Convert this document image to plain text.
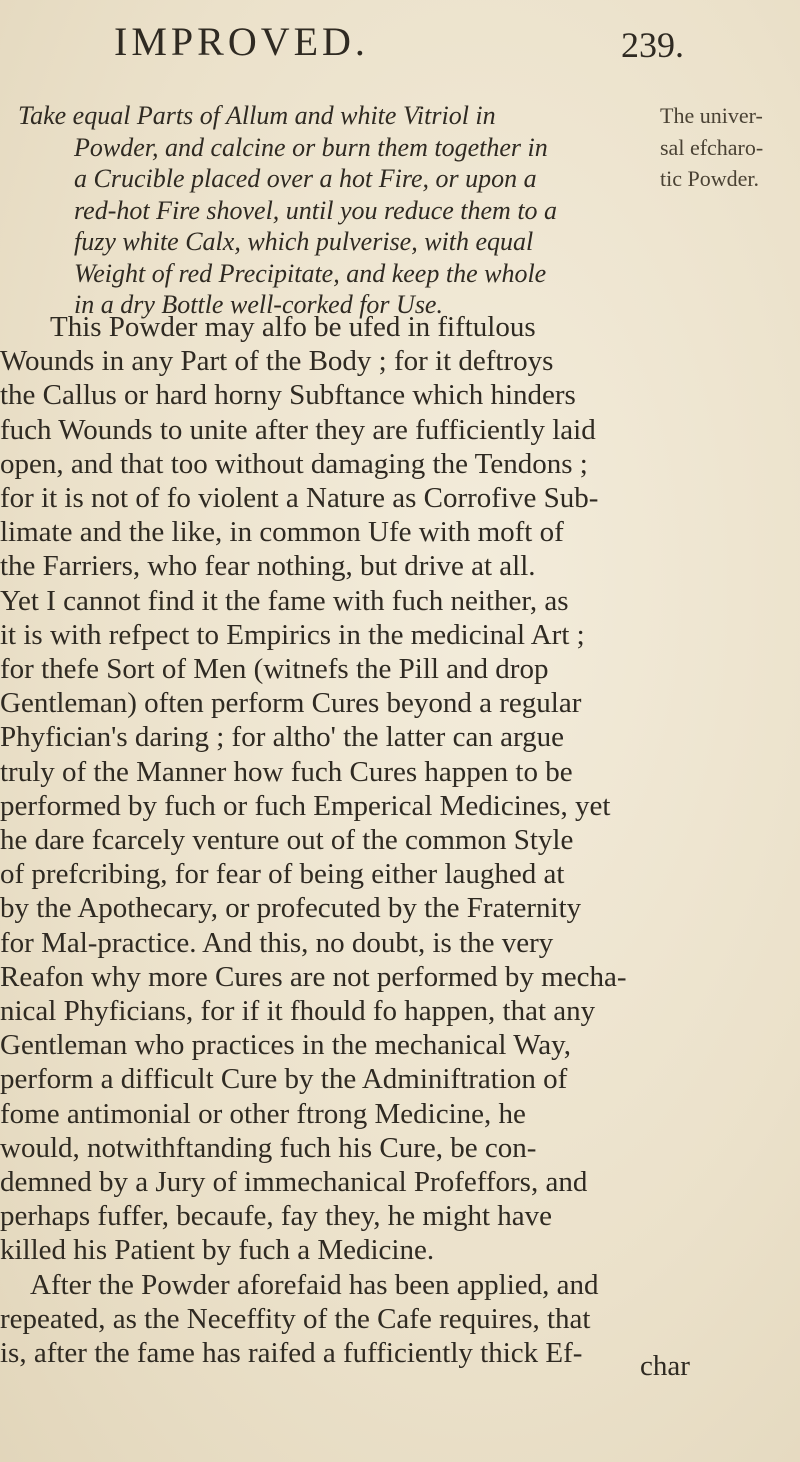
IMPROVED.	239.
Take equal Parts of Allum and white Vitriol in
Powder, and calcine or burn them together in
a Crucible placed over a hot Fire, or upon a
red-hot Fire shovel, until you reduce them to a
fuzy white Calx, which pulverise, with equal
Weight of red Precipitate, and keep the whole
in a dry Bottle well-corked for Use.
The univer-
sal efcharo-
tic Powder.
This Powder may alfo be ufed in fiftulous
Wounds in any Part of the Body ; for it deftroys
the Callus or hard horny Subftance which hinders
fuch Wounds to unite after they are fufficiently laid
open, and that too without damaging the Tendons ;
for it is not of fo violent a Nature as Corrofive Sub-
limate and the like, in common Ufe with moft of
the Farriers, who fear nothing, but drive at all.
Yet I cannot find it the fame with fuch neither, as
it is with refpect to Empirics in the medicinal Art ;
for thefe Sort of Men (witnefs the Pill and drop
Gentleman) often perform Cures beyond a regular
Phyfician's daring ; for altho' the latter can argue
truly of the Manner how fuch Cures happen to be
performed by fuch or fuch Emperical Medicines, yet
he dare fcarcely venture out of the common Style
of prefcribing, for fear of being either laughed at
by the Apothecary, or profecuted by the Fraternity
for Mal-practice. And this, no doubt, is the very
Reafon why more Cures are not performed by mecha-
nical Phyficians, for if it fhould fo happen, that any
Gentleman who practices in the mechanical Way,
perform a difficult Cure by the Adminiftration of
fome antimonial or other ftrong Medicine, he
would, notwithftanding fuch his Cure, be con-
demned by a Jury of immechanical Profeffors, and
perhaps fuffer, becaufe, fay they, he might have
killed his Patient by fuch a Medicine.
After the Powder aforefaid has been applied, and
repeated, as the Neceffity of the Cafe requires, that
is, after the fame has raifed a fufficiently thick Ef-	char
